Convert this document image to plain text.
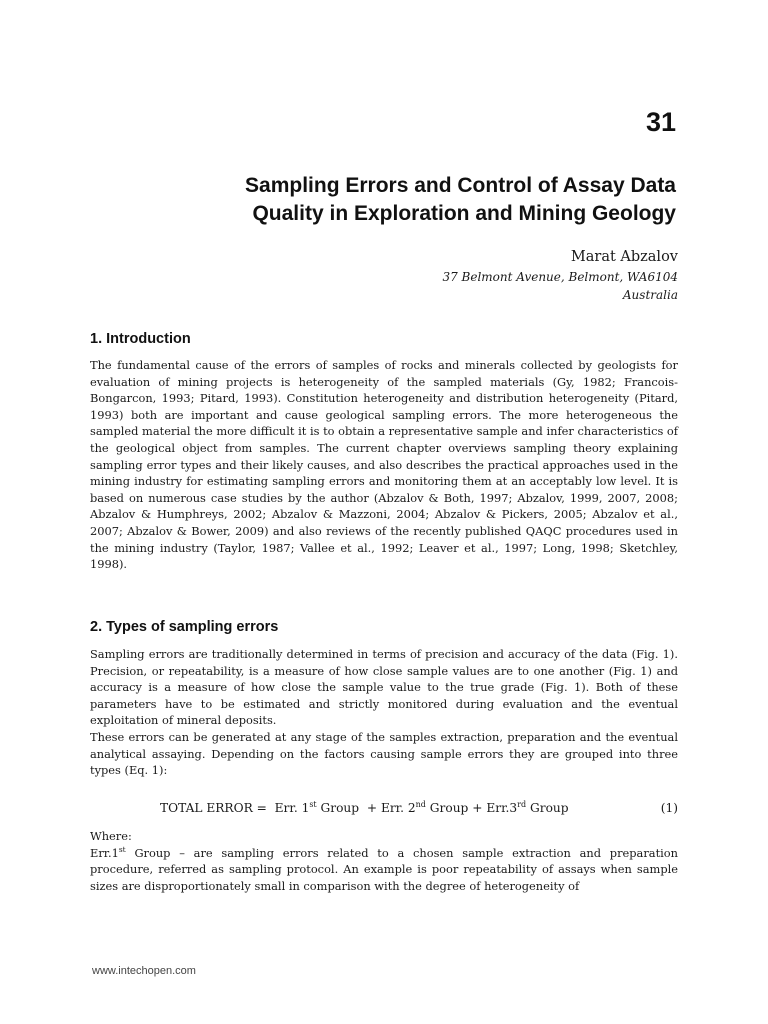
31
Sampling Errors and Control of Assay Data
Quality in Exploration and Mining Geology
Marat Abzalov
37 Belmont Avenue, Belmont, WA6104
Australia
1. Introduction

The fundamental cause of the errors of samples of rocks and minerals collected by geologists for evaluation of mining projects is heterogeneity of the sampled materials (Gy, 1982; Francois-Bongarcon, 1993; Pitard, 1993). Constitution heterogeneity and distribution heterogeneity (Pitard, 1993) both are important and cause geological sampling errors. The more heterogeneous the sampled material the more difficult it is to obtain a representative sample and infer characteristics of the geological object from samples. The current chapter overviews sampling theory explaining sampling error types and their likely causes, and also describes the practical approaches used in the mining industry for estimating sampling errors and monitoring them at an acceptably low level. It is based on numerous case studies by the author (Abzalov & Both, 1997; Abzalov, 1999, 2007, 2008; Abzalov & Humphreys, 2002; Abzalov & Mazzoni, 2004; Abzalov & Pickers, 2005; Abzalov et al., 2007; Abzalov & Bower, 2009) and also reviews of the recently published QAQC procedures used in the mining industry (Taylor, 1987; Vallee et al., 1992; Leaver et al., 1997; Long, 1998; Sketchley, 1998).

2. Types of sampling errors

Sampling errors are traditionally determined in terms of precision and accuracy of the data (Fig. 1). Precision, or repeatability, is a measure of how close sample values are to one another (Fig. 1) and accuracy is a measure of how close the sample value to the true grade (Fig. 1). Both of these parameters have to be estimated and strictly monitored during evaluation and the eventual exploitation of mineral deposits.

These errors can be generated at any stage of the samples extraction, preparation and the eventual analytical assaying. Depending on the factors causing sample errors they are grouped into three types (Eq. 1):

TOTAL ERROR = Err. 1st Group + Err. 2nd Group + Err.3rd Group	(1)

Where:

Err.1st Group – are sampling errors related to a chosen sample extraction and preparation procedure, referred as sampling protocol. An example is poor repeatability of assays when sample sizes are disproportionately small in comparison with the degree of heterogeneity of

www.intechopen.com
